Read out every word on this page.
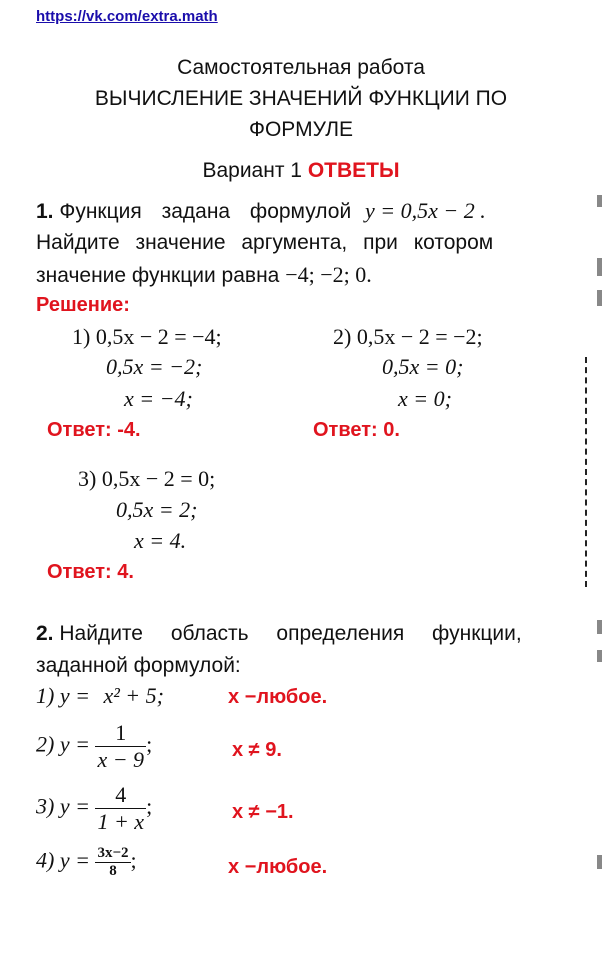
https://vk.com/extra.math
Самостоятельная работа
ВЫЧИСЛЕНИЕ ЗНАЧЕНИЙ ФУНКЦИИ ПО
ФОРМУЛЕ
Вариант 1 ОТВЕТЫ
1. Функция задана формулой y = 0,5x − 2 .
Найдите значение аргумента, при котором
значение функции равна −4; −2; 0.
Решение:
1) 0,5x − 2 = −4;
0,5x = −2;
x = −4;
Ответ: -4.
2) 0,5x − 2 = −2;
0,5x = 0;
x = 0;
Ответ: 0.
3) 0,5x − 2 = 0;
0,5x = 2;
x = 4.
Ответ: 4.
2. Найдите область определения функции,
заданной формулой:
1) y = x² + 5;	x −любое.
2) $y = \frac{1}{x - 9}$ ;	x ≠ 9.
3) $y = \frac{4}{1 + x}$ ;	x ≠ −1.
4) $y = \frac{3x-2}{8}$ ;	x −любое.
